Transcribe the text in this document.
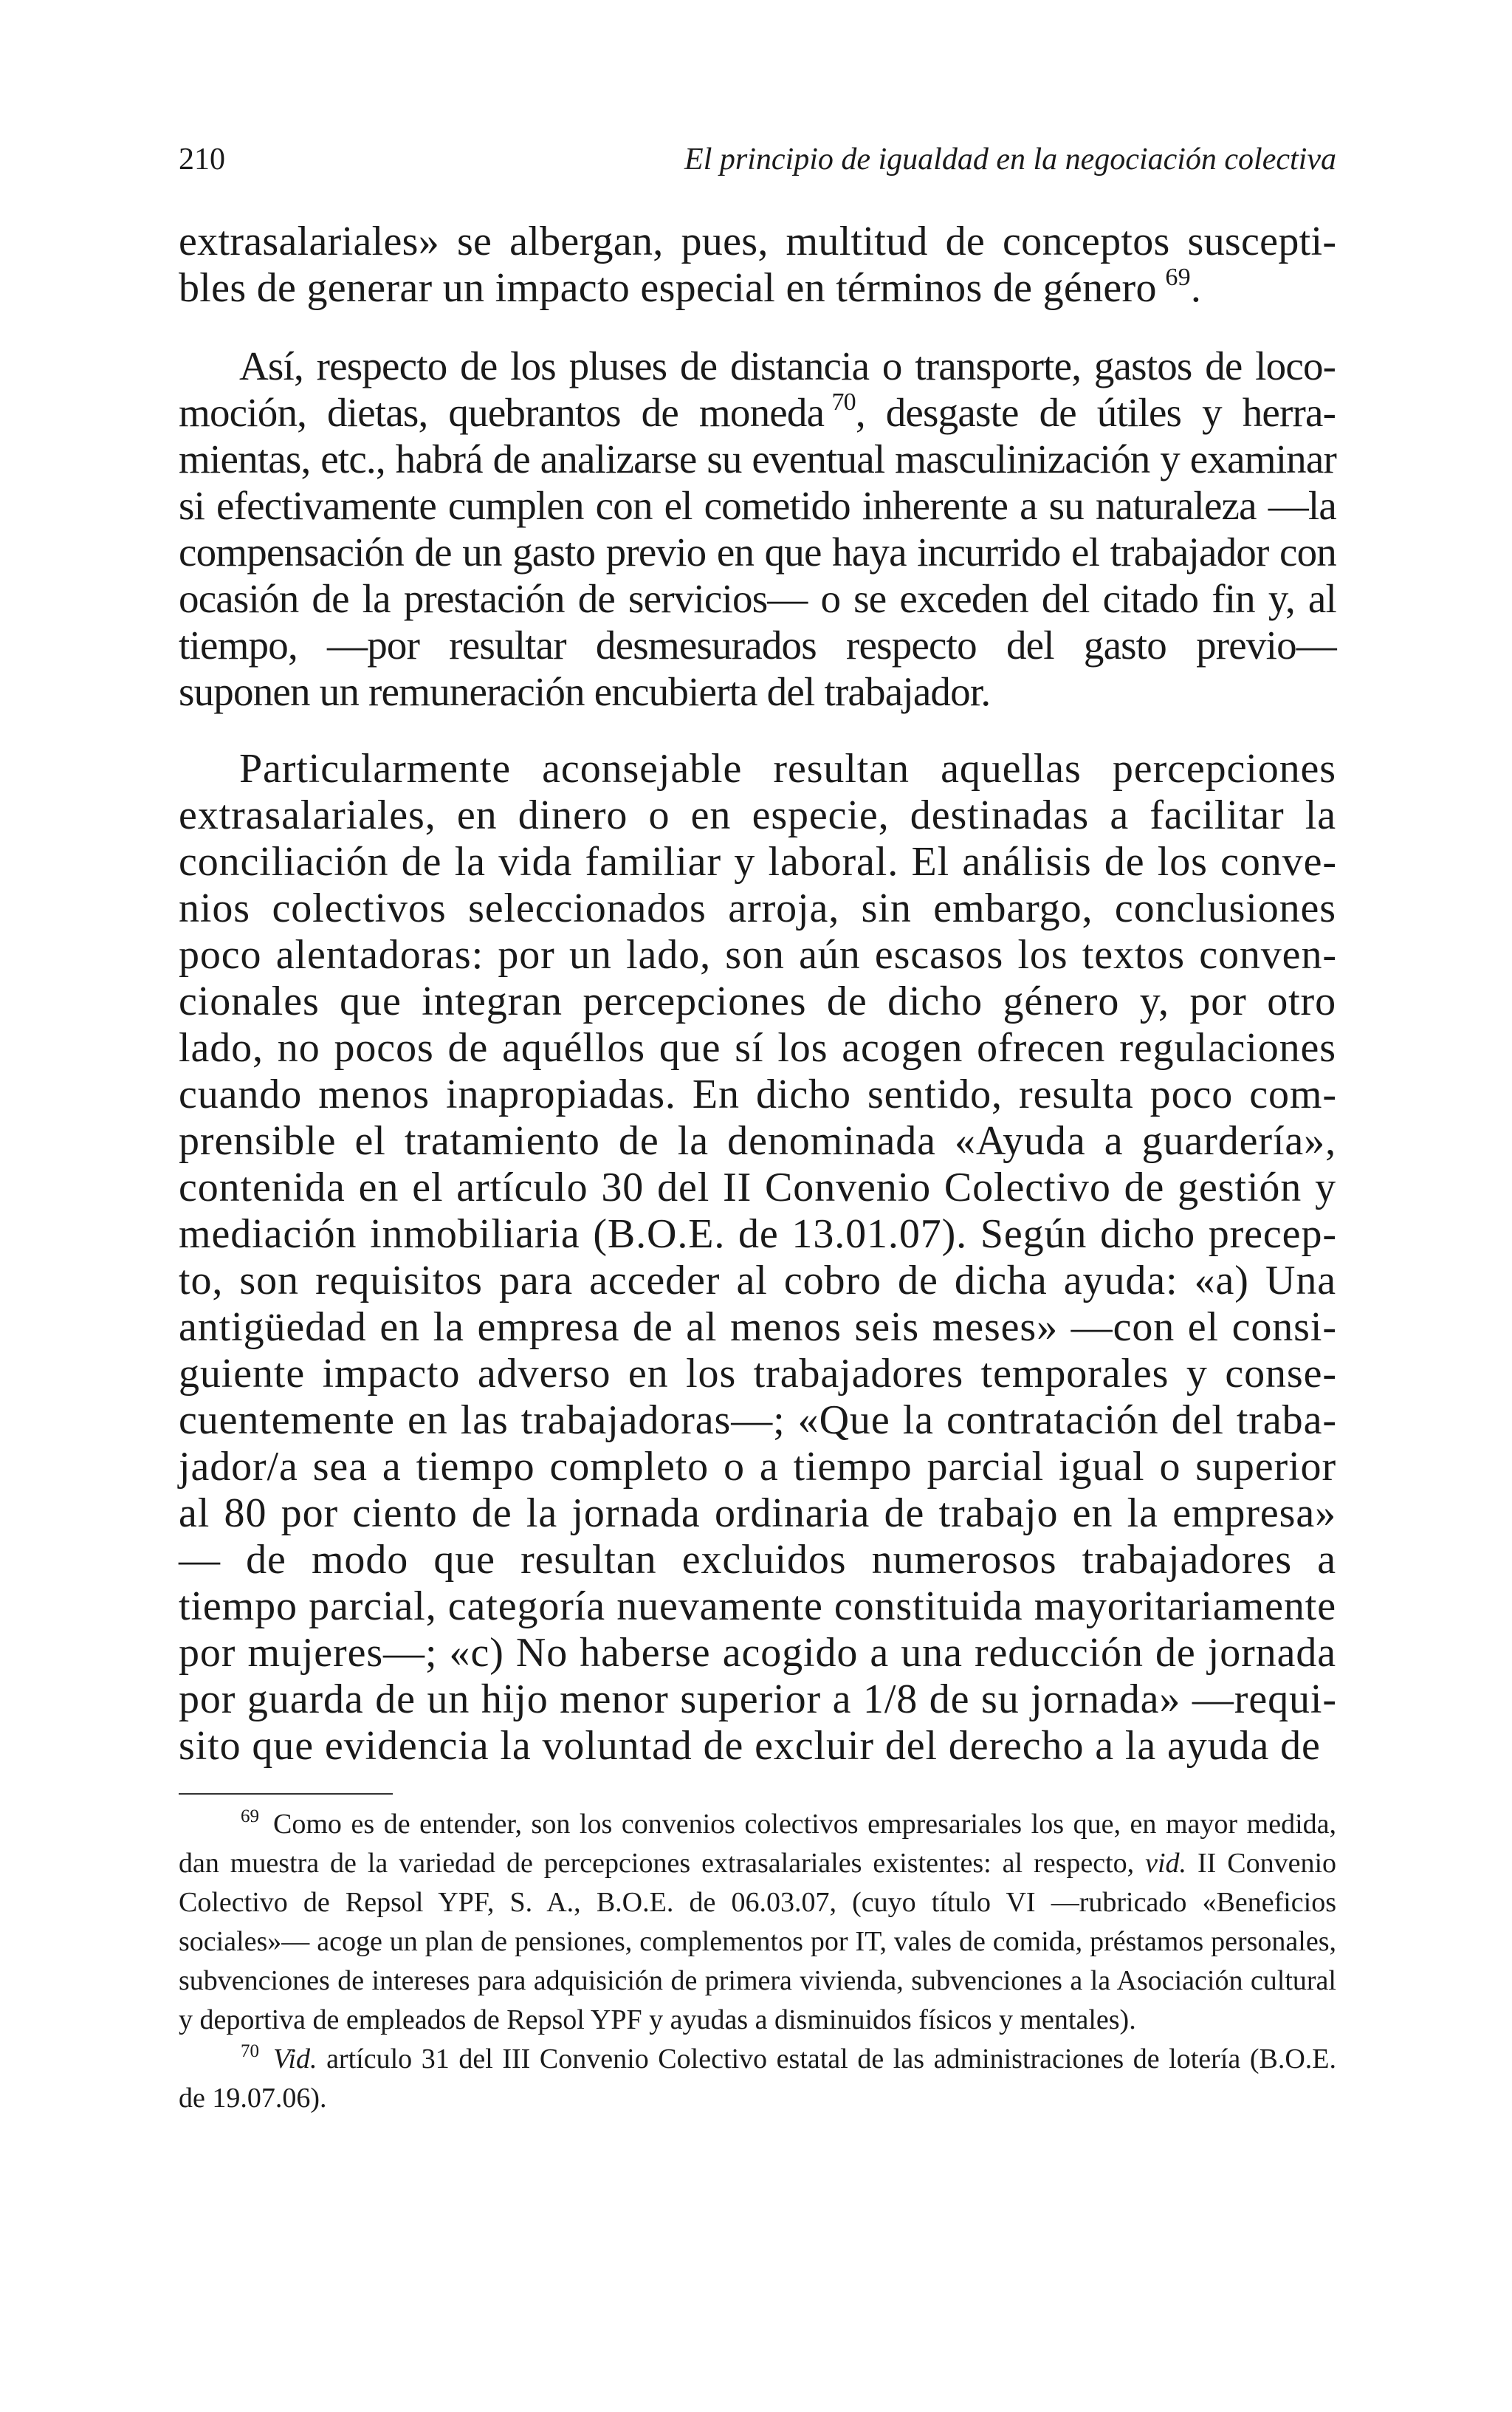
210	El principio de igualdad en la negociación colectiva

extrasalariales» se albergan, pues, multitud de conceptos susceptibles de generar un impacto especial en términos de género  $^{69}$.

Así, respecto de los pluses de distancia o transporte, gastos de locomoción, dietas, quebrantos de moneda  $^{70}$, desgaste de útiles y herramientas, etc., habrá de analizarse su eventual masculinización y examinar si efectivamente cumplen con el cometido inherente a su naturaleza —la compensación de un gasto previo en que haya incurrido el trabajador con ocasión de la prestación de servicios— o se exceden del citado fin y, al tiempo, —por resultar desmesurados respecto del gasto previo— suponen un remuneración encubierta del trabajador.

Particularmente aconsejable resultan aquellas percepciones extrasalariales, en dinero o en especie, destinadas a facilitar la conciliación de la vida familiar y laboral. El análisis de los convenios colectivos seleccionados arroja, sin embargo, conclusiones poco alentadoras: por un lado, son aún escasos los textos convencionales que integran percepciones de dicho género y, por otro lado, no pocos de aquéllos que sí los acogen ofrecen regulaciones cuando menos inapropiadas. En dicho sentido, resulta poco comprensible el tratamiento de la denominada «Ayuda a guardería», contenida en el artículo 30 del II Convenio Colectivo de gestión y mediación inmobiliaria (B.O.E. de 13.01.07). Según dicho precepto, son requisitos para acceder al cobro de dicha ayuda: «a) Una antigüedad en la empresa de al menos seis meses» —con el consiguiente impacto adverso en los trabajadores temporales y consecuentemente en las trabajadoras—; «Que la contratación del trabajador/a sea a tiempo completo o a tiempo parcial igual o superior al 80 por ciento de la jornada ordinaria de trabajo en la empresa» — de modo que resultan excluidos numerosos trabajadores a tiempo parcial, categoría nuevamente constituida mayoritariamente por mujeres—; «c) No haberse acogido a una reducción de jornada por guarda de un hijo menor superior a 1/8 de su jornada» —requisito que evidencia la voluntad de excluir del derecho a la ayuda de

$^{69}$  Como es de entender, son los convenios colectivos empresariales los que, en mayor medida, dan muestra de la variedad de percepciones extrasalariales existentes: al respecto, vid. II Convenio Colectivo de Repsol YPF, S. A., B.O.E. de 06.03.07, (cuyo título VI —rubricado «Beneficios sociales»— acoge un plan de pensiones, complementos por IT, vales de comida, préstamos personales, subvenciones de intereses para adquisición de primera vivienda, subvenciones a la Asociación cultural y deportiva de empleados de Repsol YPF y ayudas a disminuidos físicos y mentales).

$^{70}$  Vid. artículo 31 del III Convenio Colectivo estatal de las administraciones de lotería (B.O.E. de 19.07.06).
